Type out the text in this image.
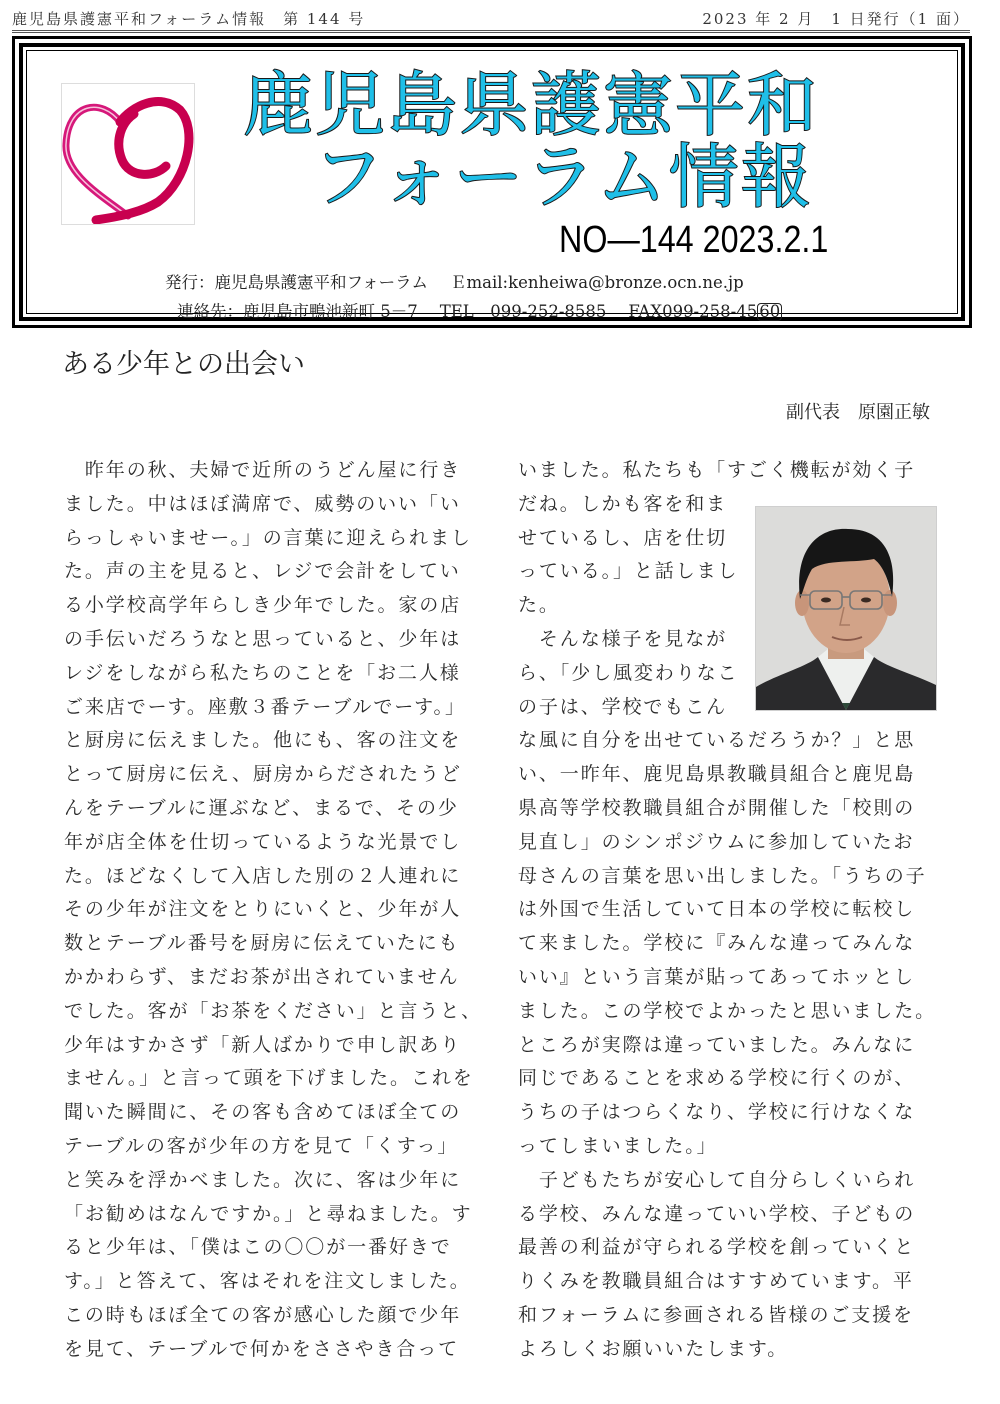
鹿児島県護憲平和フォーラム情報　第 144 号	2023 年 2 月　1 日発行（1 面）
鹿児島県護憲平和
フォーラム情報
NO—144 2023.2.1
発行：鹿児島県護憲平和フォーラム Ｅmail:kenheiwa@bronze.ocn.ne.jp
連絡先：鹿児島市鴨池新町 5－7 TEL　099-252-8585 FAX099-258-45 60
ある少年との出会い
副代表 原園正敏
　昨年の秋、夫婦で近所のうどん屋に行き
ました。中はほぼ満席で、威勢のいい「い
らっしゃいませー。」の言葉に迎えられまし
た。声の主を見ると、レジで会計をしてい
る小学校高学年らしき少年でした。家の店
の手伝いだろうなと思っていると、少年は
レジをしながら私たちのことを「お二人様
ご来店でーす。座敷３番テーブルでーす。」
と厨房に伝えました。他にも、客の注文を
とって厨房に伝え、厨房からだされたうど
んをテーブルに運ぶなど、まるで、その少
年が店全体を仕切っているような光景でし
た。ほどなくして入店した別の２人連れに
その少年が注文をとりにいくと、少年が人
数とテーブル番号を厨房に伝えていたにも
かかわらず、まだお茶が出されていません
でした。客が「お茶をください」と言うと、
少年はすかさず「新人ばかりで申し訳あり
ません。」と言って頭を下げました。これを
聞いた瞬間に、その客も含めてほぼ全ての
テーブルの客が少年の方を見て「くすっ」
と笑みを浮かべました。次に、客は少年に
「お勧めはなんですか。」と尋ねました。す
ると少年は、「僕はこの〇〇が一番好きで
す。」と答えて、客はそれを注文しました。
この時もほぼ全ての客が感心した顔で少年
を見て、テーブルで何かをささやき合って
いました。私たちも「すごく機転が効く子
だね。しかも客を和ま
せているし、店を仕切
っている。」と話しまし
た。
　そんな様子を見なが
ら、「少し風変わりなこ
の子は、学校でもこん
な風に自分を出せているだろうか？」と思
い、一昨年、鹿児島県教職員組合と鹿児島
県高等学校教職員組合が開催した「校則の
見直し」のシンポジウムに参加していたお
母さんの言葉を思い出しました。「うちの子
は外国で生活していて日本の学校に転校し
て来ました。学校に『みんな違ってみんな
いい』という言葉が貼ってあってホッとし
ました。この学校でよかったと思いました。
ところが実際は違っていました。みんなに
同じであることを求める学校に行くのが、
うちの子はつらくなり、学校に行けなくな
ってしまいました。」
　子どもたちが安心して自分らしくいられ
る学校、みんな違っていい学校、子どもの
最善の利益が守られる学校を創っていくと
りくみを教職員組合はすすめています。平
和フォーラムに参画される皆様のご支援を
よろしくお願いいたします。
